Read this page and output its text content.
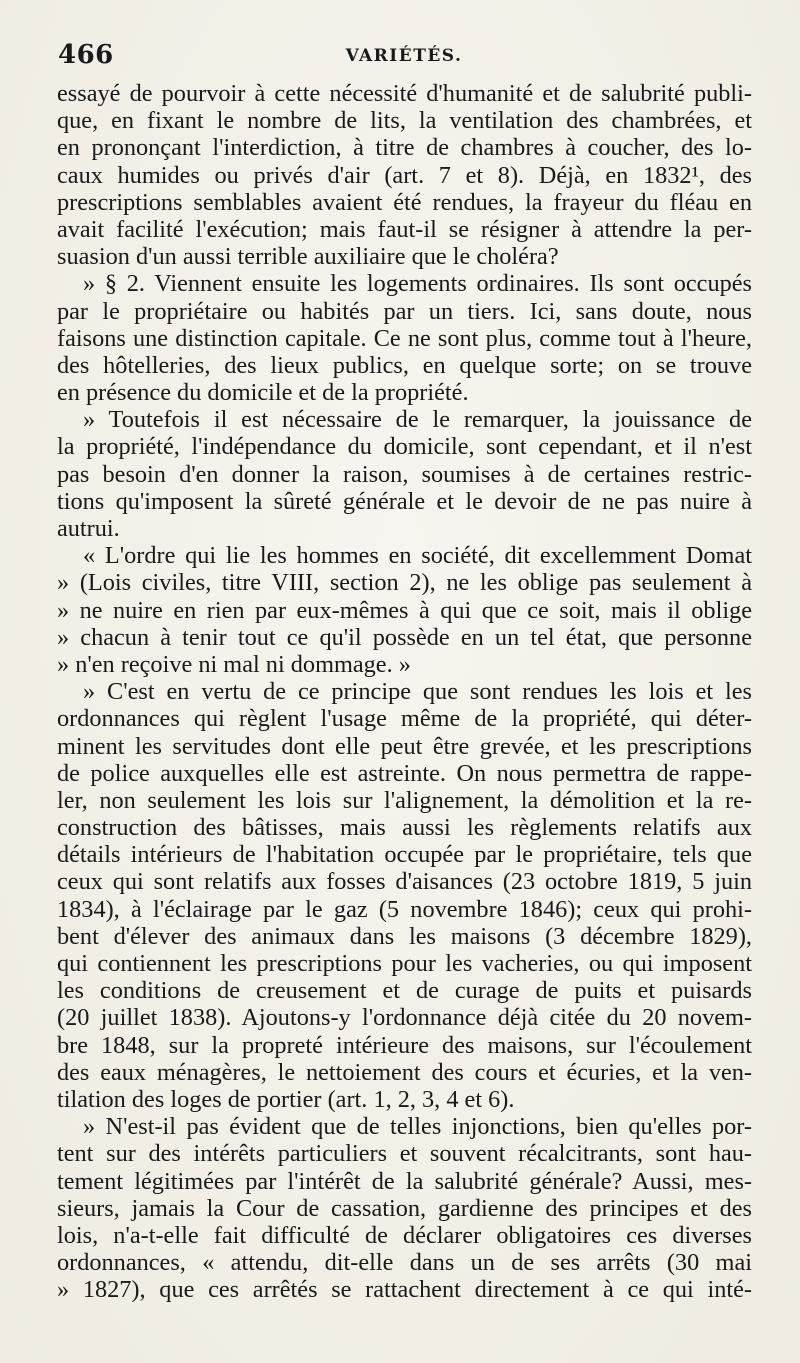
466	VARIÉTÉS.
essayé de pourvoir à cette nécessité d'humanité et de salubrité publi-
que, en fixant le nombre de lits, la ventilation des chambrées, et
en prononçant l'interdiction, à titre de chambres à coucher, des lo-
caux humides ou privés d'air (art. 7 et 8). Déjà, en 1832¹, des
prescriptions semblables avaient été rendues, la frayeur du fléau en
avait facilité l'exécution; mais faut-il se résigner à attendre la per-
suasion d'un aussi terrible auxiliaire que le choléra?
» § 2. Viennent ensuite les logements ordinaires. Ils sont occupés
par le propriétaire ou habités par un tiers. Ici, sans doute, nous
faisons une distinction capitale. Ce ne sont plus, comme tout à l'heure,
des hôtelleries, des lieux publics, en quelque sorte; on se trouve
en présence du domicile et de la propriété.
» Toutefois il est nécessaire de le remarquer, la jouissance de
la propriété, l'indépendance du domicile, sont cependant, et il n'est
pas besoin d'en donner la raison, soumises à de certaines restric-
tions qu'imposent la sûreté générale et le devoir de ne pas nuire à
autrui.
« L'ordre qui lie les hommes en société, dit excellemment Domat
» (Lois civiles, titre VIII, section 2), ne les oblige pas seulement à
» ne nuire en rien par eux-mêmes à qui que ce soit, mais il oblige
» chacun à tenir tout ce qu'il possède en un tel état, que personne
» n'en reçoive ni mal ni dommage. »
» C'est en vertu de ce principe que sont rendues les lois et les
ordonnances qui règlent l'usage même de la propriété, qui déter-
minent les servitudes dont elle peut être grevée, et les prescriptions
de police auxquelles elle est astreinte. On nous permettra de rappe-
ler, non seulement les lois sur l'alignement, la démolition et la re-
construction des bâtisses, mais aussi les règlements relatifs aux
détails intérieurs de l'habitation occupée par le propriétaire, tels que
ceux qui sont relatifs aux fosses d'aisances (23 octobre 1819, 5 juin
1834), à l'éclairage par le gaz (5 novembre 1846); ceux qui prohi-
bent d'élever des animaux dans les maisons (3 décembre 1829),
qui contiennent les prescriptions pour les vacheries, ou qui imposent
les conditions de creusement et de curage de puits et puisards
(20 juillet 1838). Ajoutons-y l'ordonnance déjà citée du 20 novem-
bre 1848, sur la propreté intérieure des maisons, sur l'écoulement
des eaux ménagères, le nettoiement des cours et écuries, et la ven-
tilation des loges de portier (art. 1, 2, 3, 4 et 6).
» N'est-il pas évident que de telles injonctions, bien qu'elles por-
tent sur des intérêts particuliers et souvent récalcitrants, sont hau-
tement légitimées par l'intérêt de la salubrité générale? Aussi, mes-
sieurs, jamais la Cour de cassation, gardienne des principes et des
lois, n'a-t-elle fait difficulté de déclarer obligatoires ces diverses
ordonnances, « attendu, dit-elle dans un de ses arrêts (30 mai
» 1827), que ces arrêtés se rattachent directement à ce qui inté-
